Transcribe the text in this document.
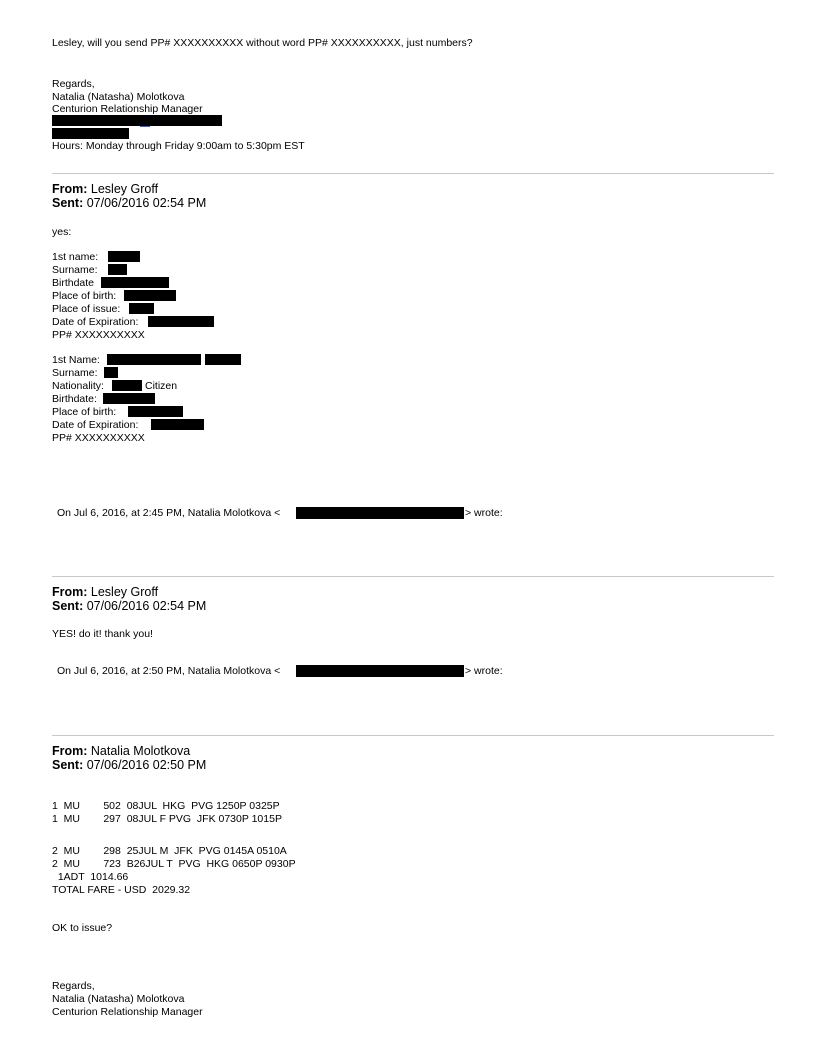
Lesley, will you send PP# XXXXXXXXXX without word PP# XXXXXXXXXX, just numbers?
Regards,
Natalia (Natasha) Molotkova
Centurion Relationship Manager
Hours: Monday through Friday 9:00am to 5:30pm EST
From: Lesley Groff
Sent: 07/06/2016 02:54 PM
yes:
1st name:
Surname:
Birthdate
Place of birth:
Place of issue:
Date of Expiration:
PP# XXXXXXXXXX
1st Name:
Surname:
Nationality:	Citizen
Birthdate:
Place of birth:
Date of Expiration:
PP# XXXXXXXXXX
On Jul 6, 2016, at 2:45 PM, Natalia Molotkova <	> wrote:
From: Lesley Groff
Sent: 07/06/2016 02:54 PM
YES! do it! thank you!
On Jul 6, 2016, at 2:50 PM, Natalia Molotkova <	> wrote:
From: Natalia Molotkova
Sent: 07/06/2016 02:50 PM
1  MU        502  08JUL  HKG  PVG 1250P 0325P
1  MU        297  08JUL F PVG  JFK 0730P 1015P
2  MU        298  25JUL M  JFK  PVG 0145A 0510A
2  MU        723  B26JUL T  PVG  HKG 0650P 0930P
1ADT  1014.66
TOTAL FARE - USD  2029.32
OK to issue?
Regards,
Natalia (Natasha) Molotkova
Centurion Relationship Manager
